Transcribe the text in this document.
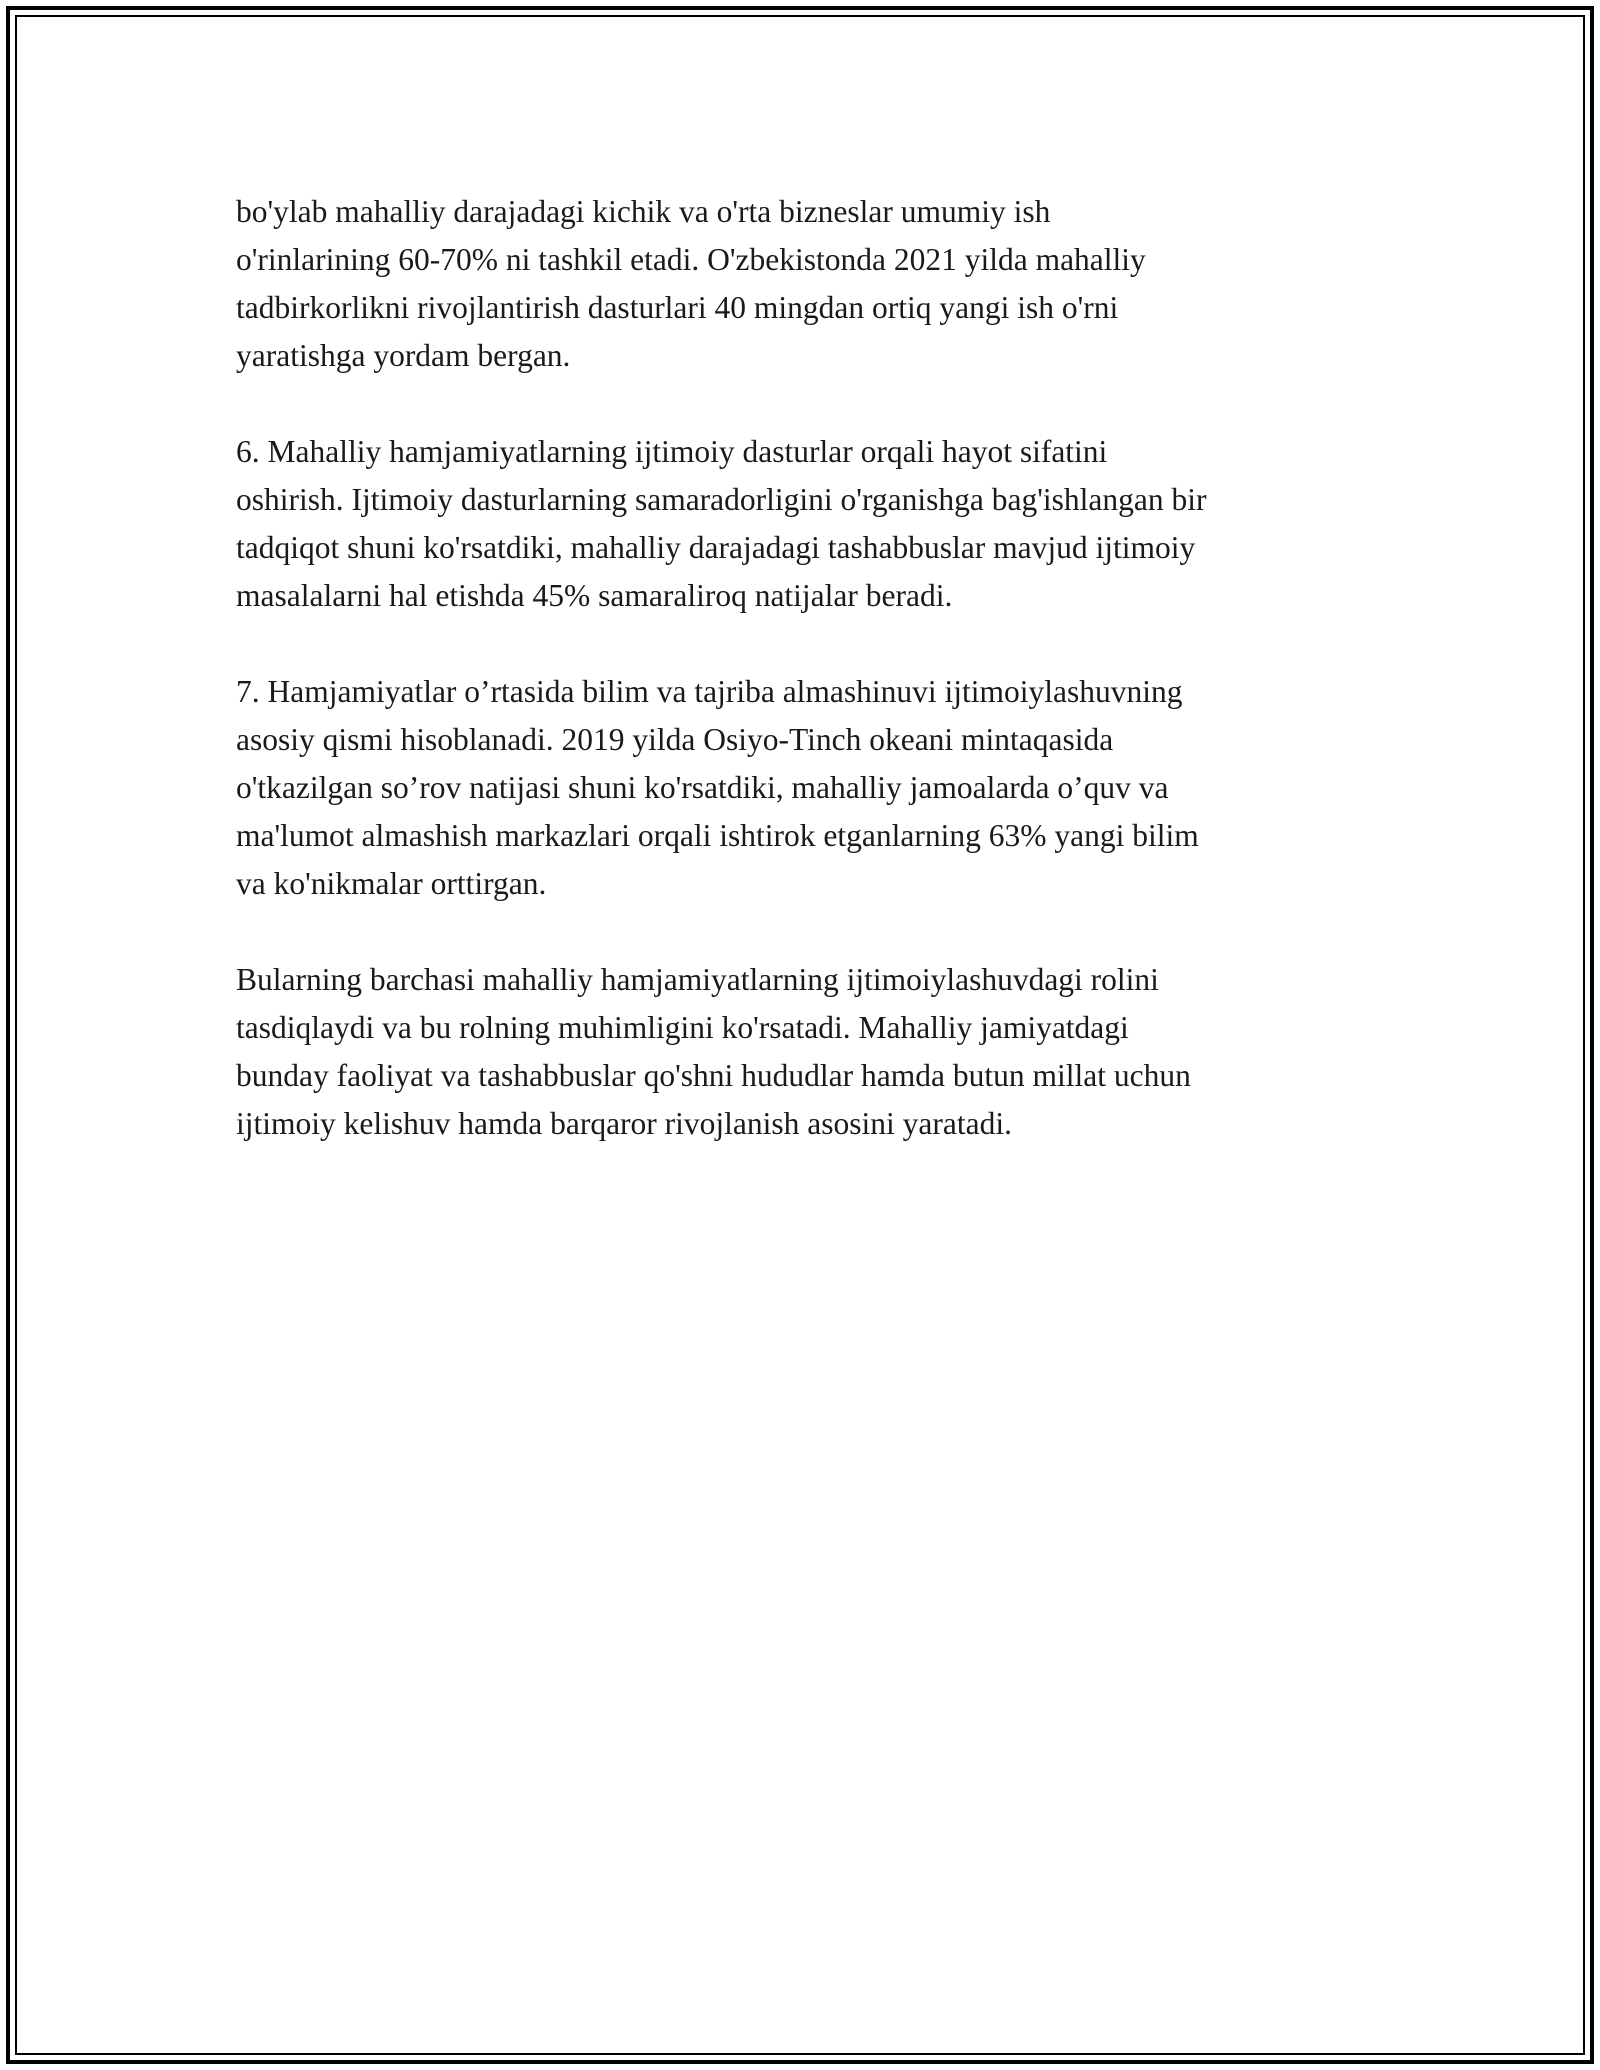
bo'ylab mahalliy darajadagi kichik va o'rta bizneslar umumiy ish
o'rinlarining 60-70% ni tashkil etadi. O'zbekistonda 2021 yilda mahalliy
tadbirkorlikni rivojlantirish dasturlari 40 mingdan ortiq yangi ish o'rni
yaratishga yordam bergan.

6. Mahalliy hamjamiyatlarning ijtimoiy dasturlar orqali hayot sifatini
oshirish. Ijtimoiy dasturlarning samaradorligini o'rganishga bag'ishlangan bir
tadqiqot shuni ko'rsatdiki, mahalliy darajadagi tashabbuslar mavjud ijtimoiy
masalalarni hal etishda 45% samaraliroq natijalar beradi.

7. Hamjamiyatlar o’rtasida bilim va tajriba almashinuvi ijtimoiylashuvning
asosiy qismi hisoblanadi. 2019 yilda Osiyo-Tinch okeani mintaqasida
o'tkazilgan so’rov natijasi shuni ko'rsatdiki, mahalliy jamoalarda o’quv va
ma'lumot almashish markazlari orqali ishtirok etganlarning 63% yangi bilim
va ko'nikmalar orttirgan.

Bularning barchasi mahalliy hamjamiyatlarning ijtimoiylashuvdagi rolini
tasdiqlaydi va bu rolning muhimligini ko'rsatadi. Mahalliy jamiyatdagi
bunday faoliyat va tashabbuslar qo'shni hududlar hamda butun millat uchun
ijtimoiy kelishuv hamda barqaror rivojlanish asosini yaratadi.
